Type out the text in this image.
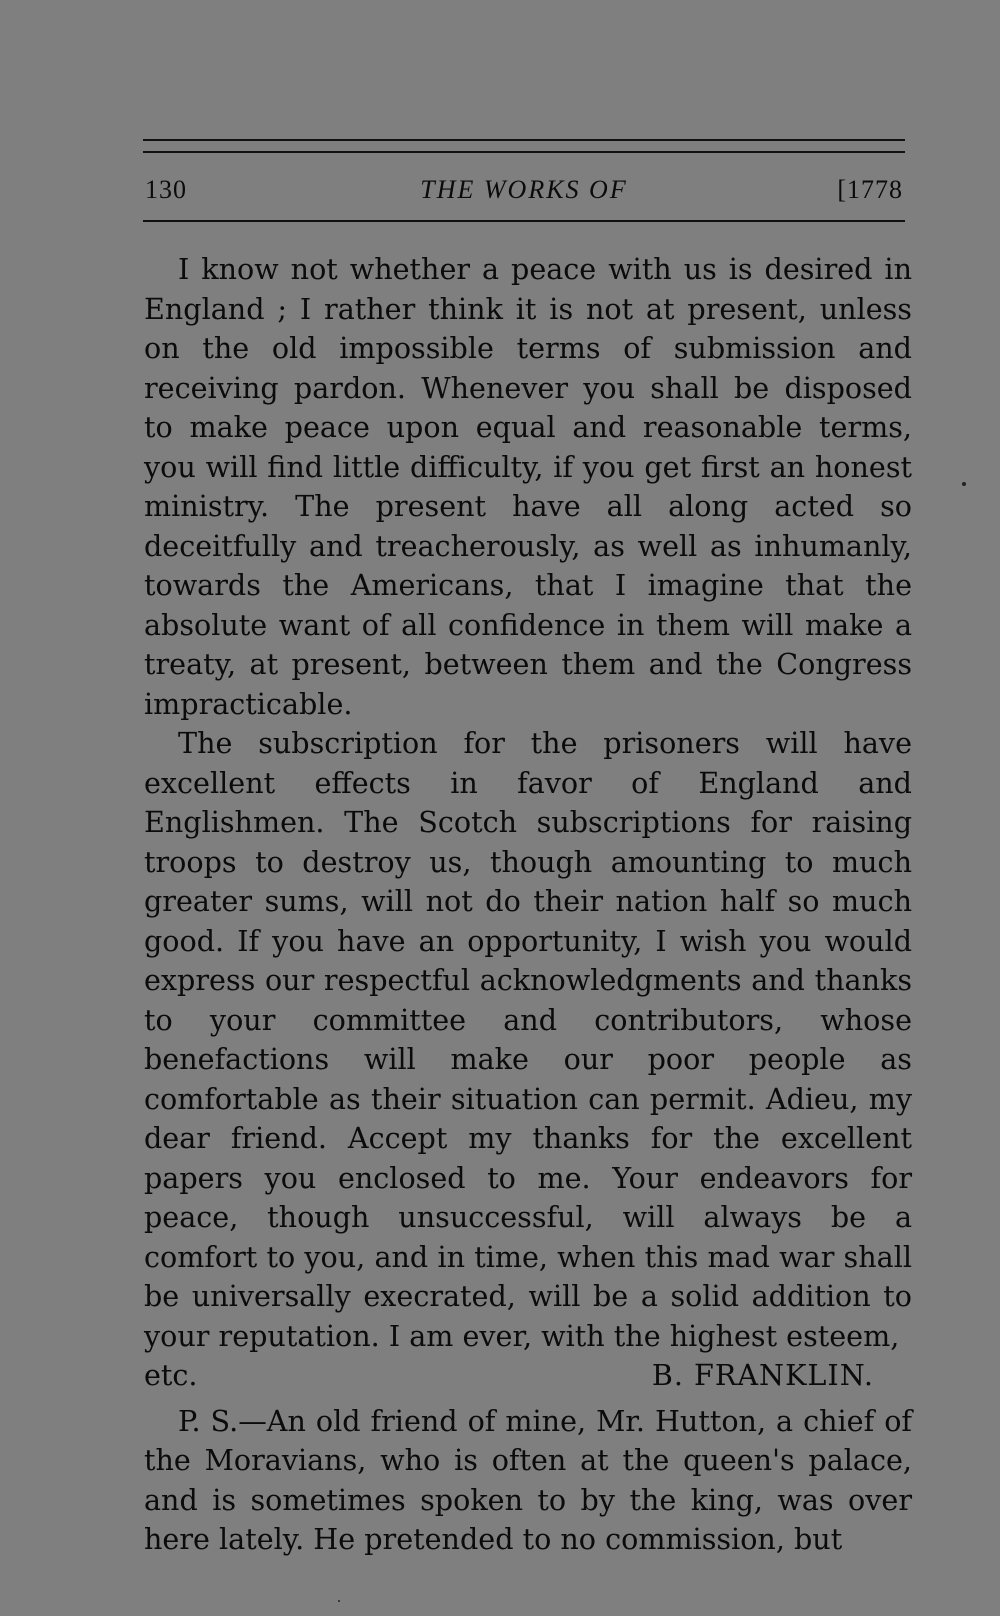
130	THE WORKS OF	[1778

I know not whether a peace with us is desired in England ; I rather think it is not at present, unless on the old impossible terms of submission and receiving pardon. Whenever you shall be disposed to make peace upon equal and reasonable terms, you will find little difficulty, if you get first an honest ministry. The present have all along acted so deceitfully and treacherously, as well as inhumanly, towards the Americans, that I imagine that the absolute want of all confidence in them will make a treaty, at present, between them and the Congress impracticable.

The subscription for the prisoners will have excellent effects in favor of England and Englishmen. The Scotch subscriptions for raising troops to destroy us, though amounting to much greater sums, will not do their nation half so much good. If you have an opportunity, I wish you would express our respectful acknowledgments and thanks to your committee and contributors, whose benefactions will make our poor people as comfortable as their situation can permit. Adieu, my dear friend. Accept my thanks for the excellent papers you enclosed to me. Your endeavors for peace, though unsuccessful, will always be a comfort to you, and in time, when this mad war shall be universally execrated, will be a solid addition to your reputation. I am ever, with the highest esteem,

etc.	B. FRANKLIN.

P. S.—An old friend of mine, Mr. Hutton, a chief of the Moravians, who is often at the queen's palace, and is sometimes spoken to by the king, was over here lately. He pretended to no commission, but
